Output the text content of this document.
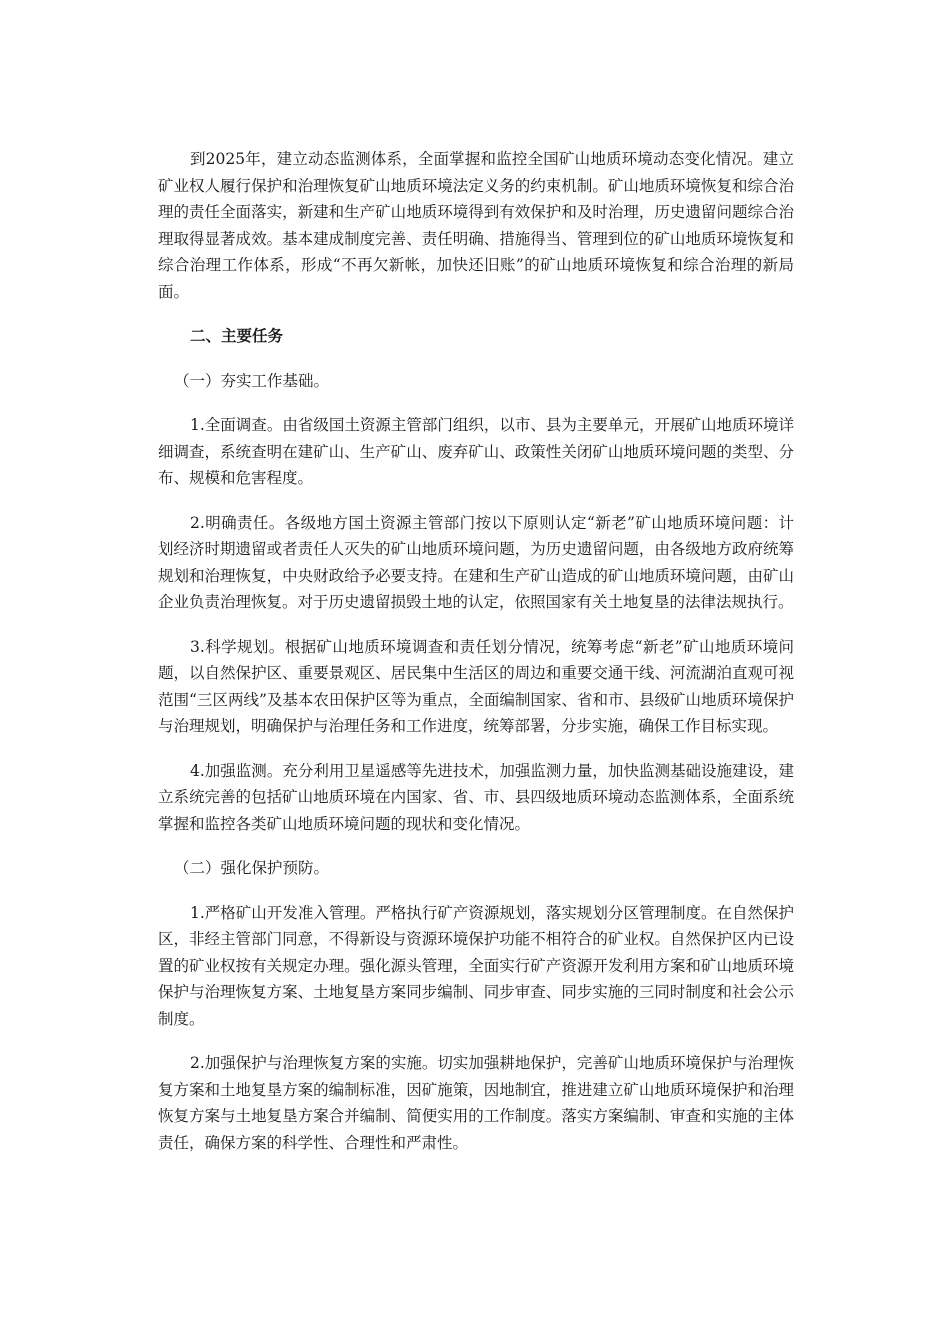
到2025年，建立动态监测体系，全面掌握和监控全国矿山地质环境动态变化情况。建立矿业权人履行保护和治理恢复矿山地质环境法定义务的约束机制。矿山地质环境恢复和综合治理的责任全面落实，新建和生产矿山地质环境得到有效保护和及时治理，历史遗留问题综合治理取得显著成效。基本建成制度完善、责任明确、措施得当、管理到位的矿山地质环境恢复和综合治理工作体系，形成“不再欠新帐，加快还旧账”的矿山地质环境恢复和综合治理的新局面。

二、主要任务

（一）夯实工作基础。

1.全面调查。由省级国土资源主管部门组织，以市、县为主要单元，开展矿山地质环境详细调查，系统查明在建矿山、生产矿山、废弃矿山、政策性关闭矿山地质环境问题的类型、分布、规模和危害程度。

2.明确责任。各级地方国土资源主管部门按以下原则认定“新老”矿山地质环境问题：计划经济时期遗留或者责任人灭失的矿山地质环境问题，为历史遗留问题，由各级地方政府统筹规划和治理恢复，中央财政给予必要支持。在建和生产矿山造成的矿山地质环境问题，由矿山企业负责治理恢复。对于历史遗留损毁土地的认定，依照国家有关土地复垦的法律法规执行。

3.科学规划。根据矿山地质环境调查和责任划分情况，统筹考虑“新老”矿山地质环境问题，以自然保护区、重要景观区、居民集中生活区的周边和重要交通干线、河流湖泊直观可视范围“三区两线”及基本农田保护区等为重点，全面编制国家、省和市、县级矿山地质环境保护与治理规划，明确保护与治理任务和工作进度，统筹部署，分步实施，确保工作目标实现。

4.加强监测。充分利用卫星遥感等先进技术，加强监测力量，加快监测基础设施建设，建立系统完善的包括矿山地质环境在内国家、省、市、县四级地质环境动态监测体系，全面系统掌握和监控各类矿山地质环境问题的现状和变化情况。

（二）强化保护预防。

1.严格矿山开发准入管理。严格执行矿产资源规划，落实规划分区管理制度。在自然保护区，非经主管部门同意，不得新设与资源环境保护功能不相符合的矿业权。自然保护区内已设置的矿业权按有关规定办理。强化源头管理，全面实行矿产资源开发利用方案和矿山地质环境保护与治理恢复方案、土地复垦方案同步编制、同步审查、同步实施的三同时制度和社会公示制度。

2.加强保护与治理恢复方案的实施。切实加强耕地保护，完善矿山地质环境保护与治理恢复方案和土地复垦方案的编制标准，因矿施策，因地制宜，推进建立矿山地质环境保护和治理恢复方案与土地复垦方案合并编制、简便实用的工作制度。落实方案编制、审查和实施的主体责任，确保方案的科学性、合理性和严肃性。
